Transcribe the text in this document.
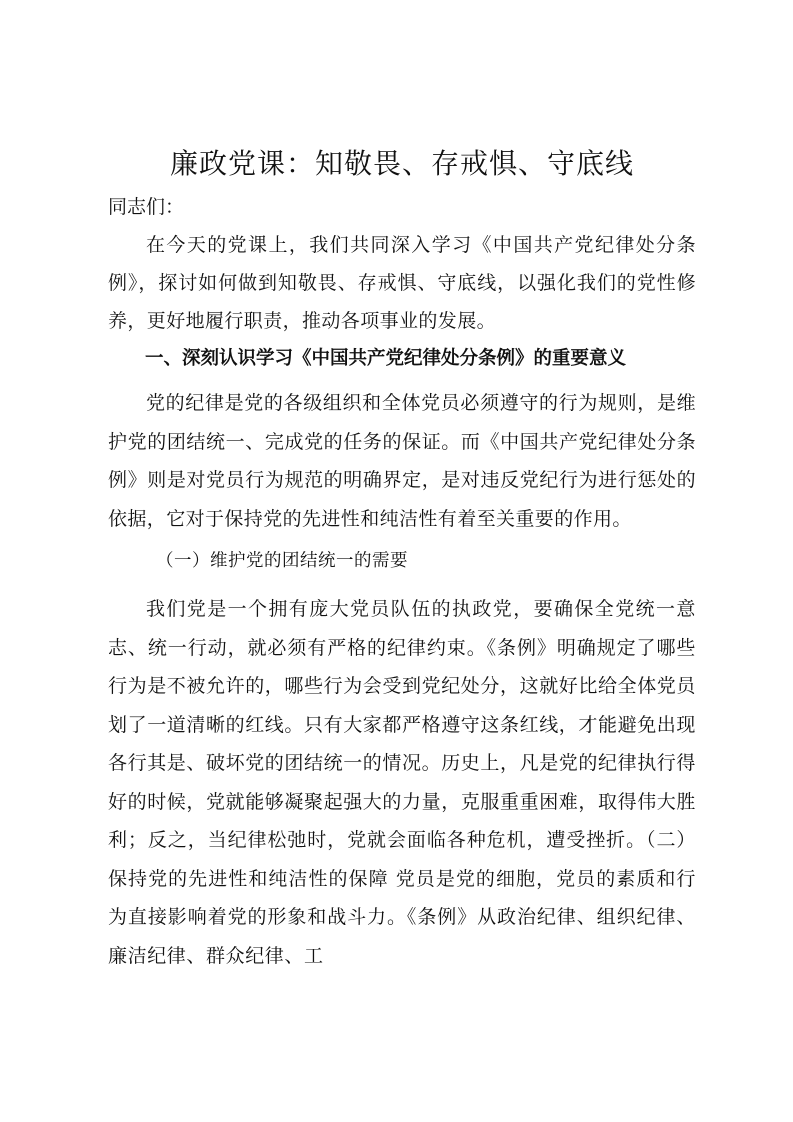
廉政党课：知敬畏、存戒惧、守底线

同志们：

在今天的党课上，我们共同深入学习《中国共产党纪律处分条例》，探讨如何做到知敬畏、存戒惧、守底线，以强化我们的党性修养，更好地履行职责，推动各项事业的发展。

一、深刻认识学习《中国共产党纪律处分条例》的重要意义

党的纪律是党的各级组织和全体党员必须遵守的行为规则，是维护党的团结统一、完成党的任务的保证。而《中国共产党纪律处分条例》则是对党员行为规范的明确界定，是对违反党纪行为进行惩处的依据，它对于保持党的先进性和纯洁性有着至关重要的作用。

（一）维护党的团结统一的需要

我们党是一个拥有庞大党员队伍的执政党，要确保全党统一意志、统一行动，就必须有严格的纪律约束。《条例》明确规定了哪些行为是不被允许的，哪些行为会受到党纪处分，这就好比给全体党员划了一道清晰的红线。只有大家都严格遵守这条红线，才能避免出现各行其是、破坏党的团结统一的情况。历史上，凡是党的纪律执行得好的时候，党就能够凝聚起强大的力量，克服重重困难，取得伟大胜利；反之，当纪律松弛时，党就会面临各种危机，遭受挫折。（二）保持党的先进性和纯洁性的保障 党员是党的细胞，党员的素质和行为直接影响着党的形象和战斗力。《条例》从政治纪律、组织纪律、廉洁纪律、群众纪律、工
